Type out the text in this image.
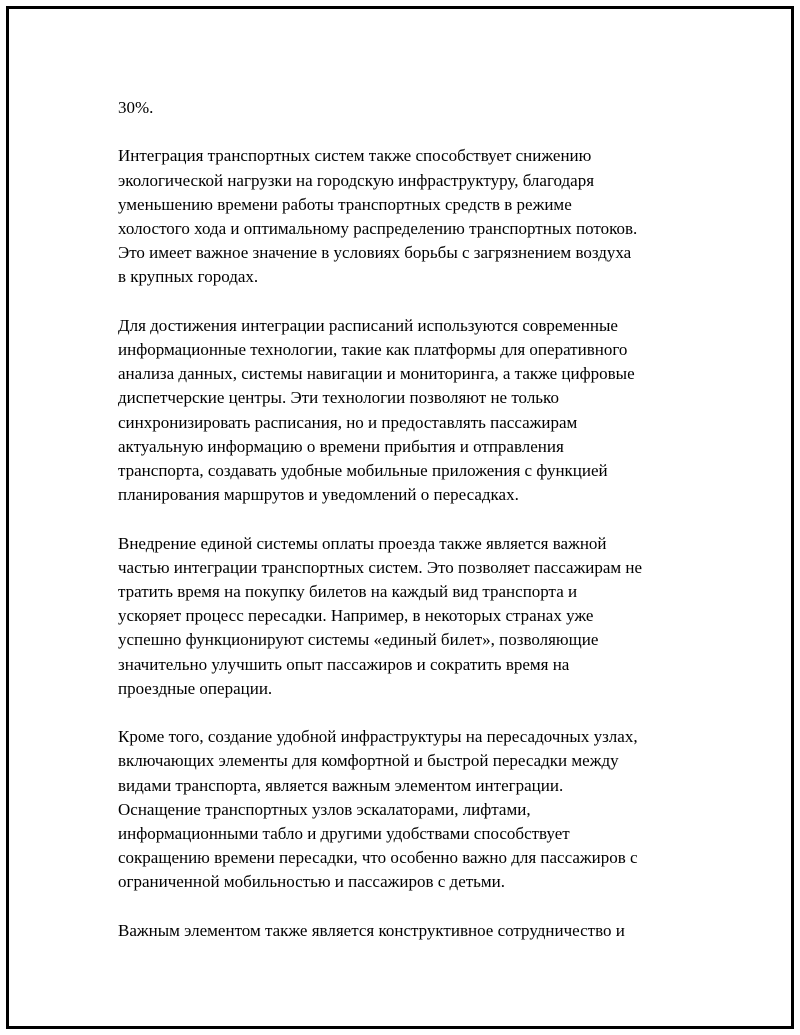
30%.

Интеграция транспортных систем также способствует снижению
экологической нагрузки на городскую инфраструктуру, благодаря
уменьшению времени работы транспортных средств в режиме
холостого хода и оптимальному распределению транспортных потоков.
Это имеет важное значение в условиях борьбы с загрязнением воздуха
в крупных городах.

Для достижения интеграции расписаний используются современные
информационные технологии, такие как платформы для оперативного
анализа данных, системы навигации и мониторинга, а также цифровые
диспетчерские центры. Эти технологии позволяют не только
синхронизировать расписания, но и предоставлять пассажирам
актуальную информацию о времени прибытия и отправления
транспорта, создавать удобные мобильные приложения с функцией
планирования маршрутов и уведомлений о пересадках.

Внедрение единой системы оплаты проезда также является важной
частью интеграции транспортных систем. Это позволяет пассажирам не
тратить время на покупку билетов на каждый вид транспорта и
ускоряет процесс пересадки. Например, в некоторых странах уже
успешно функционируют системы «единый билет», позволяющие
значительно улучшить опыт пассажиров и сократить время на
проездные операции.

Кроме того, создание удобной инфраструктуры на пересадочных узлах,
включающих элементы для комфортной и быстрой пересадки между
видами транспорта, является важным элементом интеграции.
Оснащение транспортных узлов эскалаторами, лифтами,
информационными табло и другими удобствами способствует
сокращению времени пересадки, что особенно важно для пассажиров с
ограниченной мобильностью и пассажиров с детьми.

Важным элементом также является конструктивное сотрудничество и
